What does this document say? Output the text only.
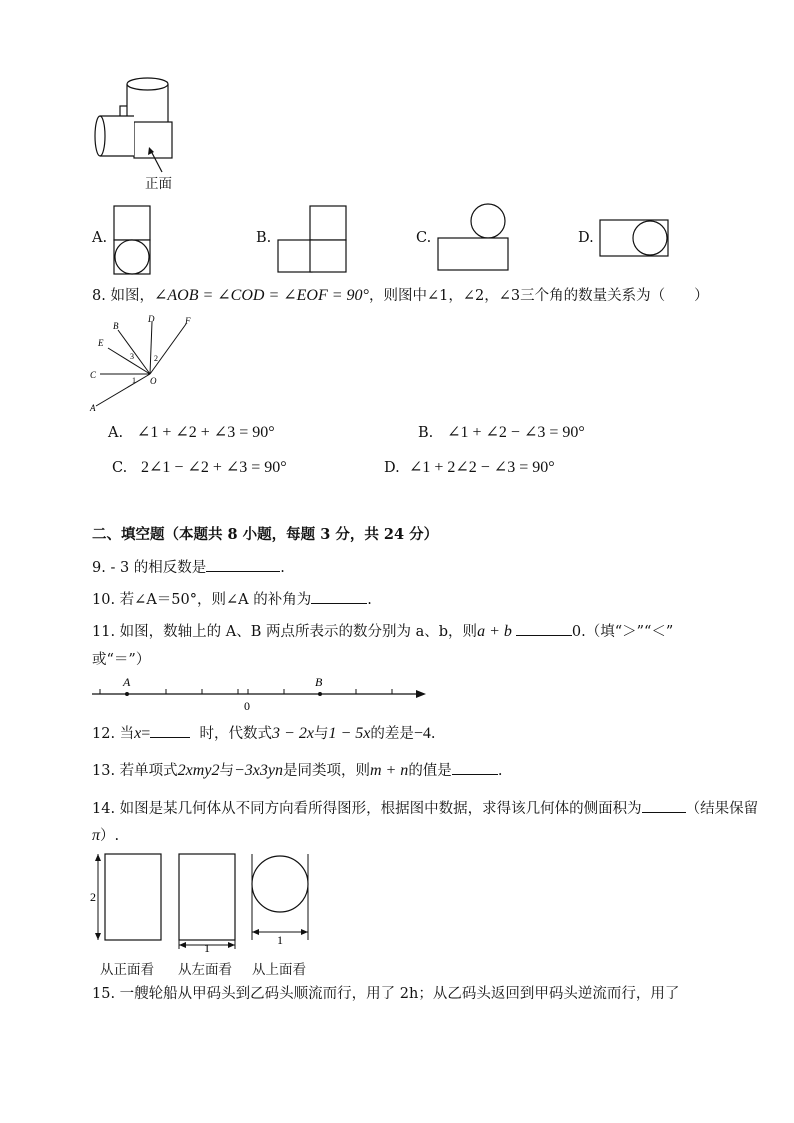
正面
A.	B.	C.	D.
8. 如图，∠AOB = ∠COD = ∠EOF = 90°，则图中∠1，∠2，∠3三个角的数量关系为（　　）
A
C
E
B
D	F
O
1
2
3
A. ∠1 + ∠2 + ∠3 = 90°	B. ∠1 + ∠2 − ∠3 = 90°
C. 2∠1 − ∠2 + ∠3 = 90°	D. ∠1 + 2∠2 − ∠3 = 90°
二、填空题（本题共 8 小题，每题 3 分，共 24 分）
9. - 3 的相反数是	.
10. 若∠A＝50°，则∠A 的补角为	.
11. 如图，数轴上的 A、B 两点所表示的数分别为 a、b，则a + b	0.（填“＞”“＜”
或“＝”）
A	B
0
12. 当x=	时，代数式3 − 2x与1 − 5x的差是−4.
13. 若单项式2xmy2与−3x3yn是同类项，则m + n的值是	.
14. 如图是某几何体从不同方向看所得图形，根据图中数据，求得该几何体的侧面积为	（结果保留
π）.
2
1
1
从正面看 从左面看 从上面看
15. 一艘轮船从甲码头到乙码头顺流而行，用了 2h；从乙码头返回到甲码头逆流而行，用了
